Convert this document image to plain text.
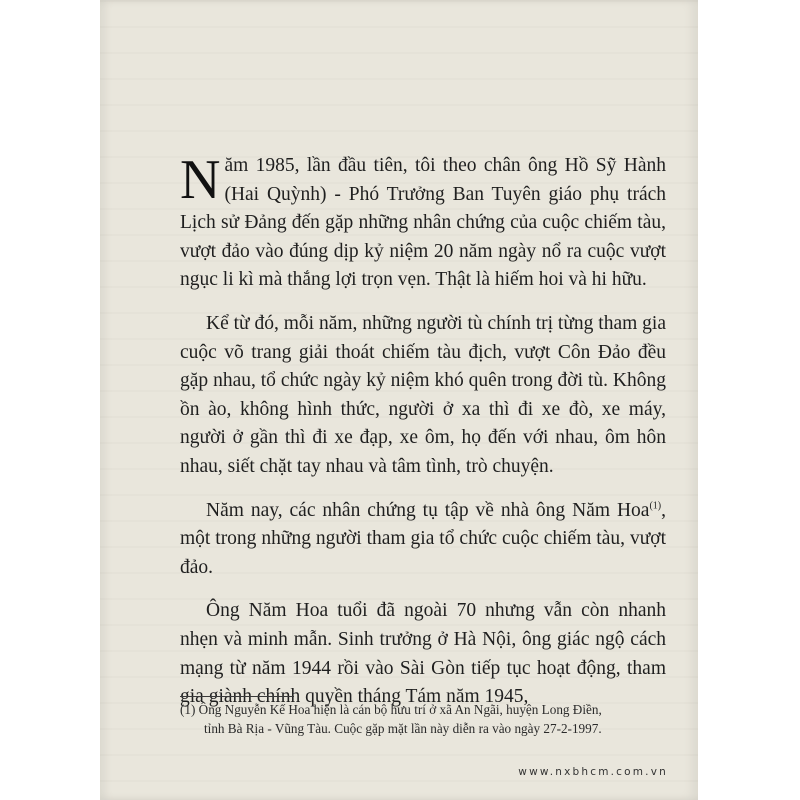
Năm 1985, lần đầu tiên, tôi theo chân ông Hồ Sỹ Hành (Hai Quỳnh) - Phó Trưởng Ban Tuyên giáo phụ trách Lịch sử Đảng đến gặp những nhân chứng của cuộc chiếm tàu, vượt đảo vào đúng dịp kỷ niệm 20 năm ngày nổ ra cuộc vượt ngục li kì mà thắng lợi trọn vẹn. Thật là hiếm hoi và hi hữu.

Kể từ đó, mỗi năm, những người tù chính trị từng tham gia cuộc võ trang giải thoát chiếm tàu địch, vượt Côn Đảo đều gặp nhau, tổ chức ngày kỷ niệm khó quên trong đời tù. Không ồn ào, không hình thức, người ở xa thì đi xe đò, xe máy, người ở gần thì đi xe đạp, xe ôm, họ đến với nhau, ôm hôn nhau, siết chặt tay nhau và tâm tình, trò chuyện.

Năm nay, các nhân chứng tụ tập về nhà ông Năm Hoa$^{(1)}$, một trong những người tham gia tổ chức cuộc chiếm tàu, vượt đảo.

Ông Năm Hoa tuổi đã ngoài 70 nhưng vẫn còn nhanh nhẹn và minh mẫn. Sinh trưởng ở Hà Nội, ông giác ngộ cách mạng từ năm 1944 rồi vào Sài Gòn tiếp tục hoạt động, tham gia giành chính quyền tháng Tám năm 1945,

(1) Ông Nguyễn Kế Hoa hiện là cán bộ hưu trí ở xã An Ngãi, huyện Long Điền,
tỉnh Bà Rịa - Vũng Tàu. Cuộc gặp mặt lần này diễn ra vào ngày 27-2-1997.
www.nxbhcm.com.vn
